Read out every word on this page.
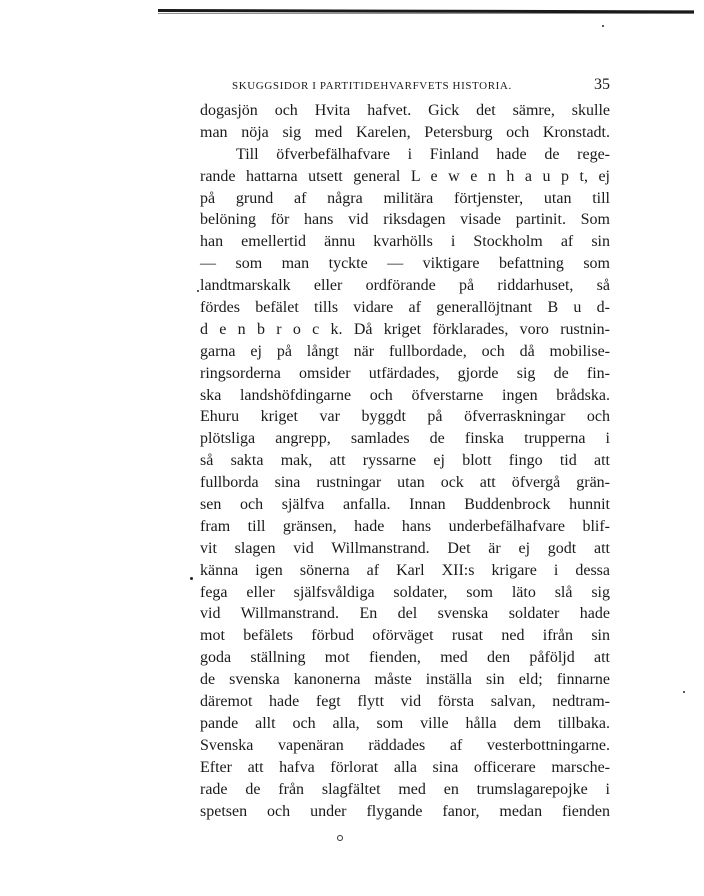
SKUGGSIDOR I PARTITIDEHVARFVETS HISTORIA.	35
dogasjön och Hvita hafvet. Gick det sämre, skulle
man nöja sig med Karelen, Petersburg och Kronstadt.
Till öfverbefälhafvare i Finland hade de rege-
rande hattarna utsett general L e w e n h a u p t, ej
på grund af några militära förtjenster, utan till
belöning för hans vid riksdagen visade partinit. Som
han emellertid ännu kvarhölls i Stockholm af sin
— som man tyckte — viktigare befattning som
landtmarskalk eller ordförande på riddarhuset, så
fördes befälet tills vidare af generallöjtnant B u d-
d e n b r o c k. Då kriget förklarades, voro rustnin-
garna ej på långt när fullbordade, och då mobilise-
ringsorderna omsider utfärdades, gjorde sig de fin-
ska landshöfdingarne och öfverstarne ingen brådska.
Ehuru kriget var byggdt på öfverraskningar och
plötsliga angrepp, samlades de finska trupperna i
så sakta mak, att ryssarne ej blott fingo tid att
fullborda sina rustningar utan ock att öfvergå grän-
sen och själfva anfalla. Innan Buddenbrock hunnit
fram till gränsen, hade hans underbefälhafvare blif-
vit slagen vid Willmanstrand. Det är ej godt att
känna igen sönerna af Karl XII:s krigare i dessa
fega eller själfsvåldiga soldater, som läto slå sig
vid Willmanstrand. En del svenska soldater hade
mot befälets förbud oförväget rusat ned ifrån sin
goda ställning mot fienden, med den påföljd att
de svenska kanonerna måste inställa sin eld; finnarne
däremot hade fegt flytt vid första salvan, nedtram-
pande allt och alla, som ville hålla dem tillbaka.
Svenska vapenäran räddades af vesterbottningarne.
Efter att hafva förlorat alla sina officerare marsche-
rade de från slagfältet med en trumslagarepojke i
spetsen och under flygande fanor, medan fienden
